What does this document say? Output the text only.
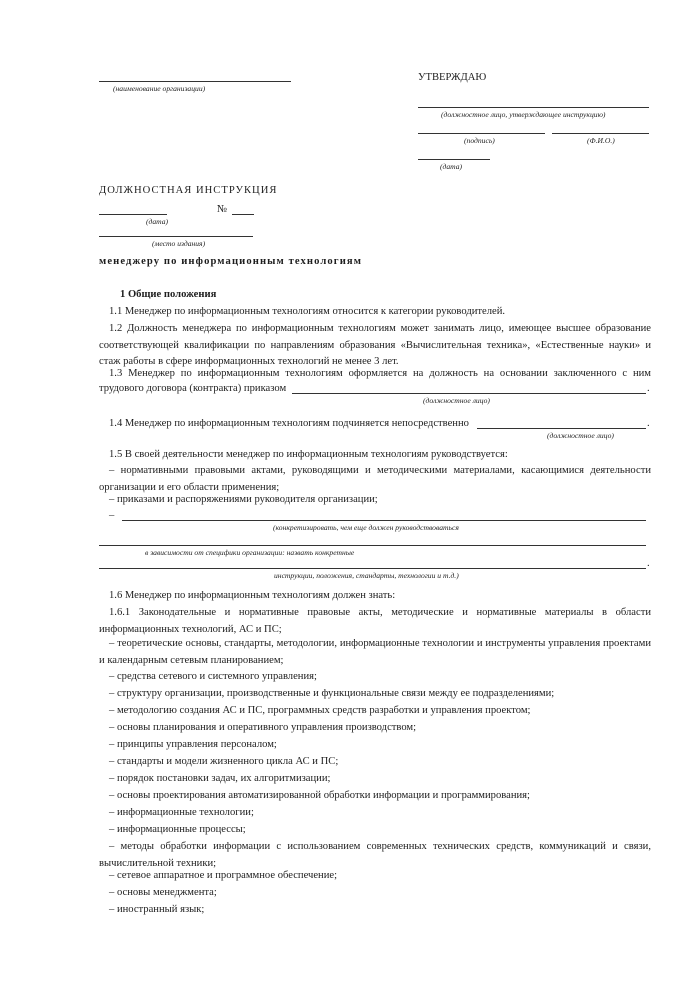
(наименование организации)
УТВЕРЖДАЮ
(должностное лицо, утверждающее инструкцию)
(подпись)	(Ф.И.О.)
(дата)
ДОЛЖНОСТНАЯ ИНСТРУКЦИЯ
№
(дата)
(место издания)
менеджеру по информационным технологиям
1 Общие положения
1.1 Менеджер по информационным технологиям относится к категории руководителей.
1.2 Должность менеджера по информационным технологиям может занимать лицо, имеющее высшее образование соответствующей квалификации по направлениям образования «Вычислительная техника», «Естественные науки» и стаж работы в сфере информационных технологий не менее 3 лет.
1.3 Менеджер по информационным технологиям оформляется на должность на основании заключенного с ним
трудового договора (контракта) приказом	.
(должностное лицо)
1.4 Менеджер по информационным технологиям подчиняется непосредственно	.
(должностное лицо)
1.5 В своей деятельности менеджер по информационным технологиям руководствуется:
– нормативными правовыми актами, руководящими и методическими материалами, касающимися деятельности организации и его области применения;
– приказами и распоряжениями руководителя организации;
–
(конкретизировать, чем еще должен руководствоваться
в зависимости от специфики организации: назвать конкретные
.
инструкции, положения, стандарты, технологии и т.д.)
1.6 Менеджер по информационным технологиям должен знать:
1.6.1 Законодательные и нормативные правовые акты, методические и нормативные материалы в области информационных технологий, АС и ПС;
– теоретические основы, стандарты, методологии, информационные технологии и инструменты управления проектами и календарным сетевым планированием;
– средства сетевого и системного управления;
– структуру организации, производственные и функциональные связи между ее подразделениями;
– методологию создания АС и ПС, программных средств разработки и управления проектом;
– основы планирования и оперативного управления производством;
– принципы управления персоналом;
– стандарты и модели жизненного цикла АС и ПС;
– порядок постановки задач, их алгоритмизации;
– основы проектирования автоматизированной обработки информации и программирования;
– информационные технологии;
– информационные процессы;
– методы обработки информации с использованием современных технических средств, коммуникаций и связи, вычислительной техники;
– сетевое аппаратное и программное обеспечение;
– основы менеджмента;
– иностранный язык;
